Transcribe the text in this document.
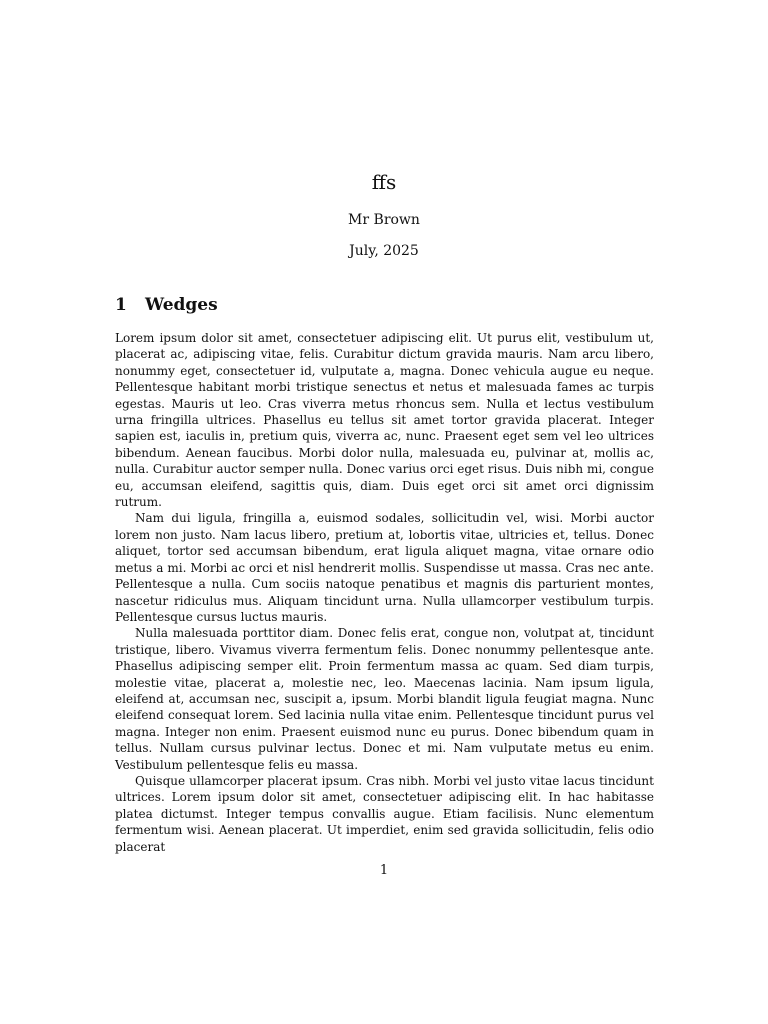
ffs
Mr Brown
July, 2025
1 Wedges

Lorem ipsum dolor sit amet, consectetuer adipiscing elit. Ut purus elit, vestibulum ut, placerat ac, adipiscing vitae, felis. Curabitur dictum gravida mauris. Nam arcu libero, nonummy eget, consectetuer id, vulputate a, magna. Donec vehicula augue eu neque. Pellentesque habitant morbi tristique senectus et netus et malesuada fames ac turpis egestas. Mauris ut leo. Cras viverra metus rhoncus sem. Nulla et lectus vestibulum urna fringilla ultrices. Phasellus eu tellus sit amet tortor gravida placerat. Integer sapien est, iaculis in, pretium quis, viverra ac, nunc. Praesent eget sem vel leo ultrices bibendum. Aenean faucibus. Morbi dolor nulla, malesuada eu, pulvinar at, mollis ac, nulla. Curabitur auctor semper nulla. Donec varius orci eget risus. Duis nibh mi, congue eu, accumsan eleifend, sagittis quis, diam. Duis eget orci sit amet orci dignissim rutrum.

Nam dui ligula, fringilla a, euismod sodales, sollicitudin vel, wisi. Morbi auctor lorem non justo. Nam lacus libero, pretium at, lobortis vitae, ultricies et, tellus. Donec aliquet, tortor sed accumsan bibendum, erat ligula aliquet magna, vitae ornare odio metus a mi. Morbi ac orci et nisl hendrerit mollis. Suspendisse ut massa. Cras nec ante. Pellentesque a nulla. Cum sociis natoque penatibus et magnis dis parturient montes, nascetur ridiculus mus. Aliquam tincidunt urna. Nulla ullamcorper vestibulum turpis. Pellentesque cursus luctus mauris.

Nulla malesuada porttitor diam. Donec felis erat, congue non, volutpat at, tincidunt tristique, libero. Vivamus viverra fermentum felis. Donec nonummy pellentesque ante. Phasellus adipiscing semper elit. Proin fermentum massa ac quam. Sed diam turpis, molestie vitae, placerat a, molestie nec, leo. Maecenas lacinia. Nam ipsum ligula, eleifend at, accumsan nec, suscipit a, ipsum. Morbi blandit ligula feugiat magna. Nunc eleifend consequat lorem. Sed lacinia nulla vitae enim. Pellentesque tincidunt purus vel magna. Integer non enim. Praesent euismod nunc eu purus. Donec bibendum quam in tellus. Nullam cursus pulvinar lectus. Donec et mi. Nam vulputate metus eu enim. Vestibulum pellentesque felis eu massa.

Quisque ullamcorper placerat ipsum. Cras nibh. Morbi vel justo vitae lacus tincidunt ultrices. Lorem ipsum dolor sit amet, consectetuer adipiscing elit. In hac habitasse platea dictumst. Integer tempus convallis augue. Etiam facilisis. Nunc elementum fermentum wisi. Aenean placerat. Ut imperdiet, enim sed gravida sollicitudin, felis odio placerat

1
